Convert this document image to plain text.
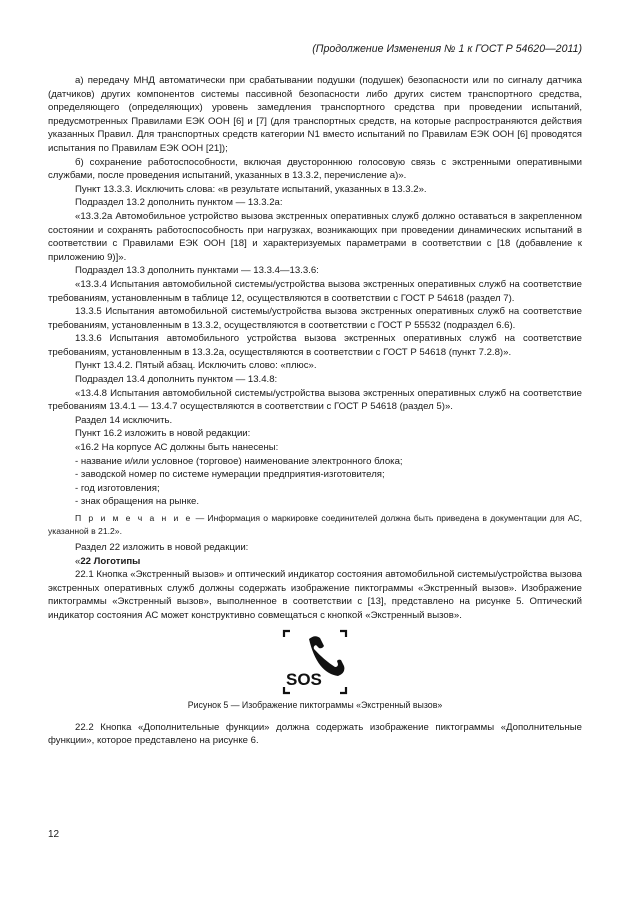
(Продолжение Изменения № 1 к ГОСТ Р 54620—2011)

а) передачу МНД автоматически при срабатывании подушки (подушек) безопасности или по сигналу датчика (датчиков) других компонентов системы пассивной безопасности либо других систем транспортного средства, определяющего (определяющих) уровень замедления транспортного средства при проведении испытаний, предусмотренных Правилами ЕЭК ООН [6] и [7] (для транспортных средств, на которые распространяются действия указанных Правил. Для транспортных средств категории N1 вместо испытаний по Правилам ЕЭК ООН [6] проводятся испытания по Правилам ЕЭК ООН [21]);

б) сохранение работоспособности, включая двустороннюю голосовую связь с экстренными оперативными службами, после проведения испытаний, указанных в 13.3.2, перечисление а)».

Пункт 13.3.3. Исключить слова: «в результате испытаний, указанных в 13.3.2».

Подраздел 13.2 дополнить пунктом — 13.3.2а:

«13.3.2а Автомобильное устройство вызова экстренных оперативных служб должно оставаться в закрепленном состоянии и сохранять работоспособность при нагрузках, возникающих при проведении динамических испытаний в соответствии с Правилами ЕЭК ООН [18] и характеризуемых параметрами в соответствии с [18 (добавление к приложению 9)]».

Подраздел 13.3 дополнить пунктами — 13.3.4—13.3.6:

«13.3.4 Испытания автомобильной системы/устройства вызова экстренных оперативных служб на соответствие требованиям, установленным в таблице 12, осуществляются в соответствии с ГОСТ Р 54618 (раздел 7).

13.3.5 Испытания автомобильной системы/устройства вызова экстренных оперативных служб на соответствие требованиям, установленным в 13.3.2, осуществляются в соответствии с ГОСТ Р 55532 (подраздел 6.6).

13.3.6 Испытания автомобильного устройства вызова экстренных оперативных служб на соответствие требованиям, установленным в 13.3.2а, осуществляются в соответствии с ГОСТ Р 54618 (пункт 7.2.8)».

Пункт 13.4.2. Пятый абзац. Исключить слово: «плюс».

Подраздел 13.4 дополнить пунктом — 13.4.8:

«13.4.8 Испытания автомобильной системы/устройства вызова экстренных оперативных служб на соответствие требованиям 13.4.1 — 13.4.7 осуществляются в соответствии с ГОСТ Р 54618 (раздел 5)».

Раздел 14 исключить.

Пункт 16.2 изложить в новой редакции:

«16.2 На корпусе АС должны быть нанесены:

- название и/или условное (торговое) наименование электронного блока;

- заводской номер по системе нумерации предприятия-изготовителя;

- год изготовления;

- знак обращения на рынке.

П р и м е ч а н и е — Информация о маркировке соединителей должна быть приведена в документации для АС, указанной в 21.2».

Раздел 22 изложить в новой редакции:

«22 Логотипы

22.1 Кнопка «Экстренный вызов» и оптический индикатор состояния автомобильной системы/устройства вызова экстренных оперативных служб должны содержать изображение пиктограммы «Экстренный вызов». Изображение пиктограммы «Экстренный вызов», выполненное в соответствии с [13], представлено на рисунке 5. Оптический индикатор состояния АС может конструктивно совмещаться с кнопкой «Экстренный вызов».

SOS

Рисунок 5 — Изображение пиктограммы «Экстренный вызов»

22.2 Кнопка «Дополнительные функции» должна содержать изображение пиктограммы «Дополнительные функции», которое представлено на рисунке 6.

12
